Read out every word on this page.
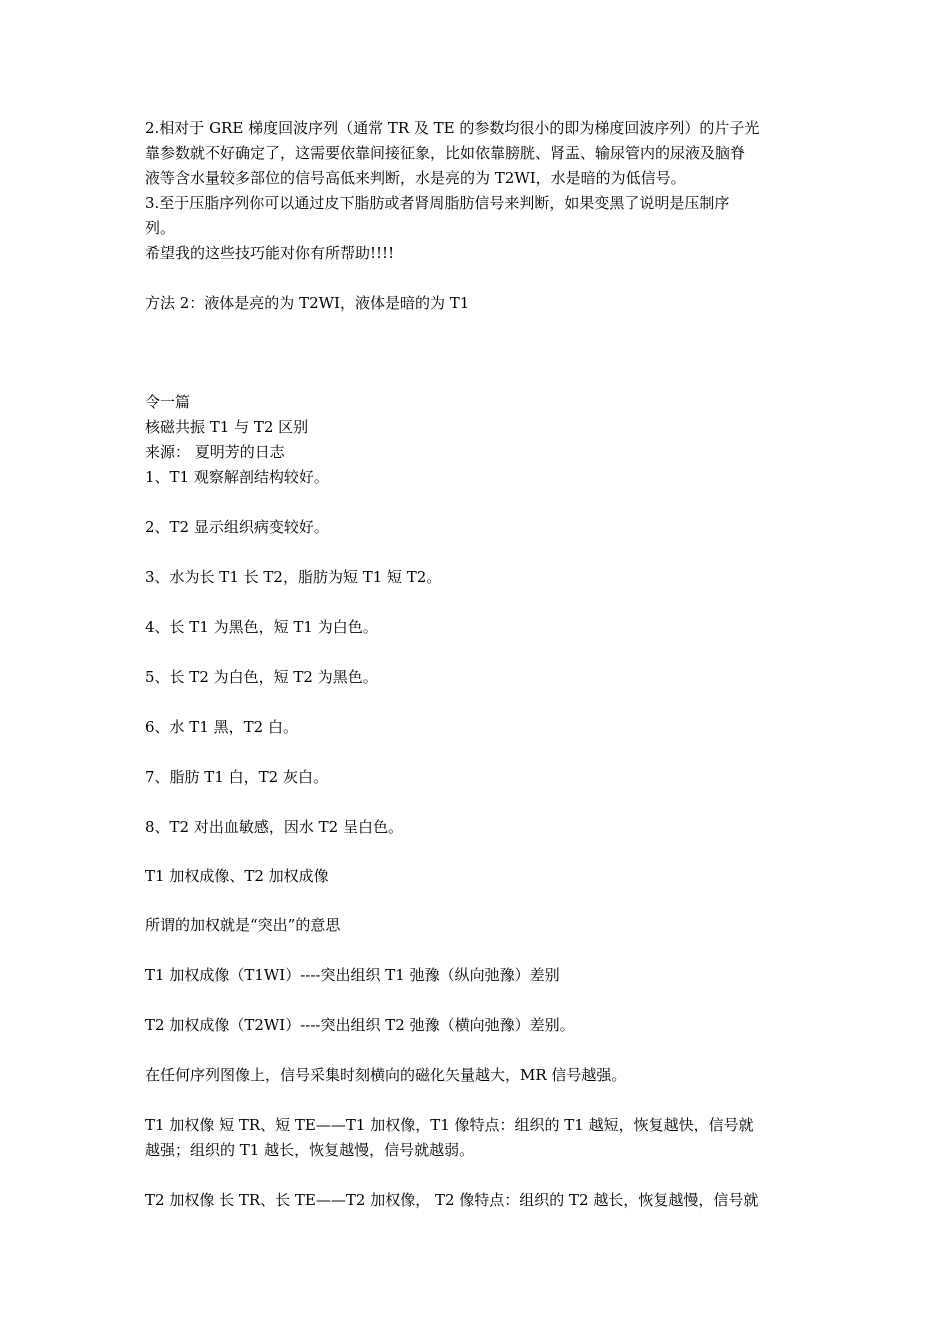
2.相对于 GRE 梯度回波序列（通常 TR 及 TE 的参数均很小的即为梯度回波序列）的片子光
靠参数就不好确定了，这需要依靠间接征象，比如依靠膀胱、肾盂、输尿管内的尿液及脑脊
液等含水量较多部位的信号高低来判断，水是亮的为 T2WI，水是暗的为低信号。
3.至于压脂序列你可以通过皮下脂肪或者肾周脂肪信号来判断，如果变黑了说明是压制序
列。
希望我的这些技巧能对你有所帮助!!!!
方法 2：液体是亮的为 T2WI，液体是暗的为 T1
令一篇
核磁共振 T1 与 T2 区别
来源： 夏明芳的日志
1、T1 观察解剖结构较好。
2、T2 显示组织病变较好。
3、水为长 T1 长 T2，脂肪为短 T1 短 T2。
4、长 T1 为黑色，短 T1 为白色。
5、长 T2 为白色，短 T2 为黑色。
6、水 T1 黑，T2 白。
7、脂肪 T1 白，T2 灰白。
8、T2 对出血敏感，因水 T2 呈白色。
T1 加权成像、T2 加权成像
所谓的加权就是“突出”的意思
T1 加权成像（T1WI）----突出组织 T1 弛豫（纵向弛豫）差别
T2 加权成像（T2WI）----突出组织 T2 弛豫（横向弛豫）差别。
在任何序列图像上，信号采集时刻横向的磁化矢量越大，MR 信号越强。
T1 加权像 短 TR、短 TE——T1 加权像，T1 像特点：组织的 T1 越短，恢复越快，信号就
越强；组织的 T1 越长，恢复越慢，信号就越弱。
T2 加权像 长 TR、长 TE——T2 加权像， T2 像特点：组织的 T2 越长，恢复越慢，信号就
